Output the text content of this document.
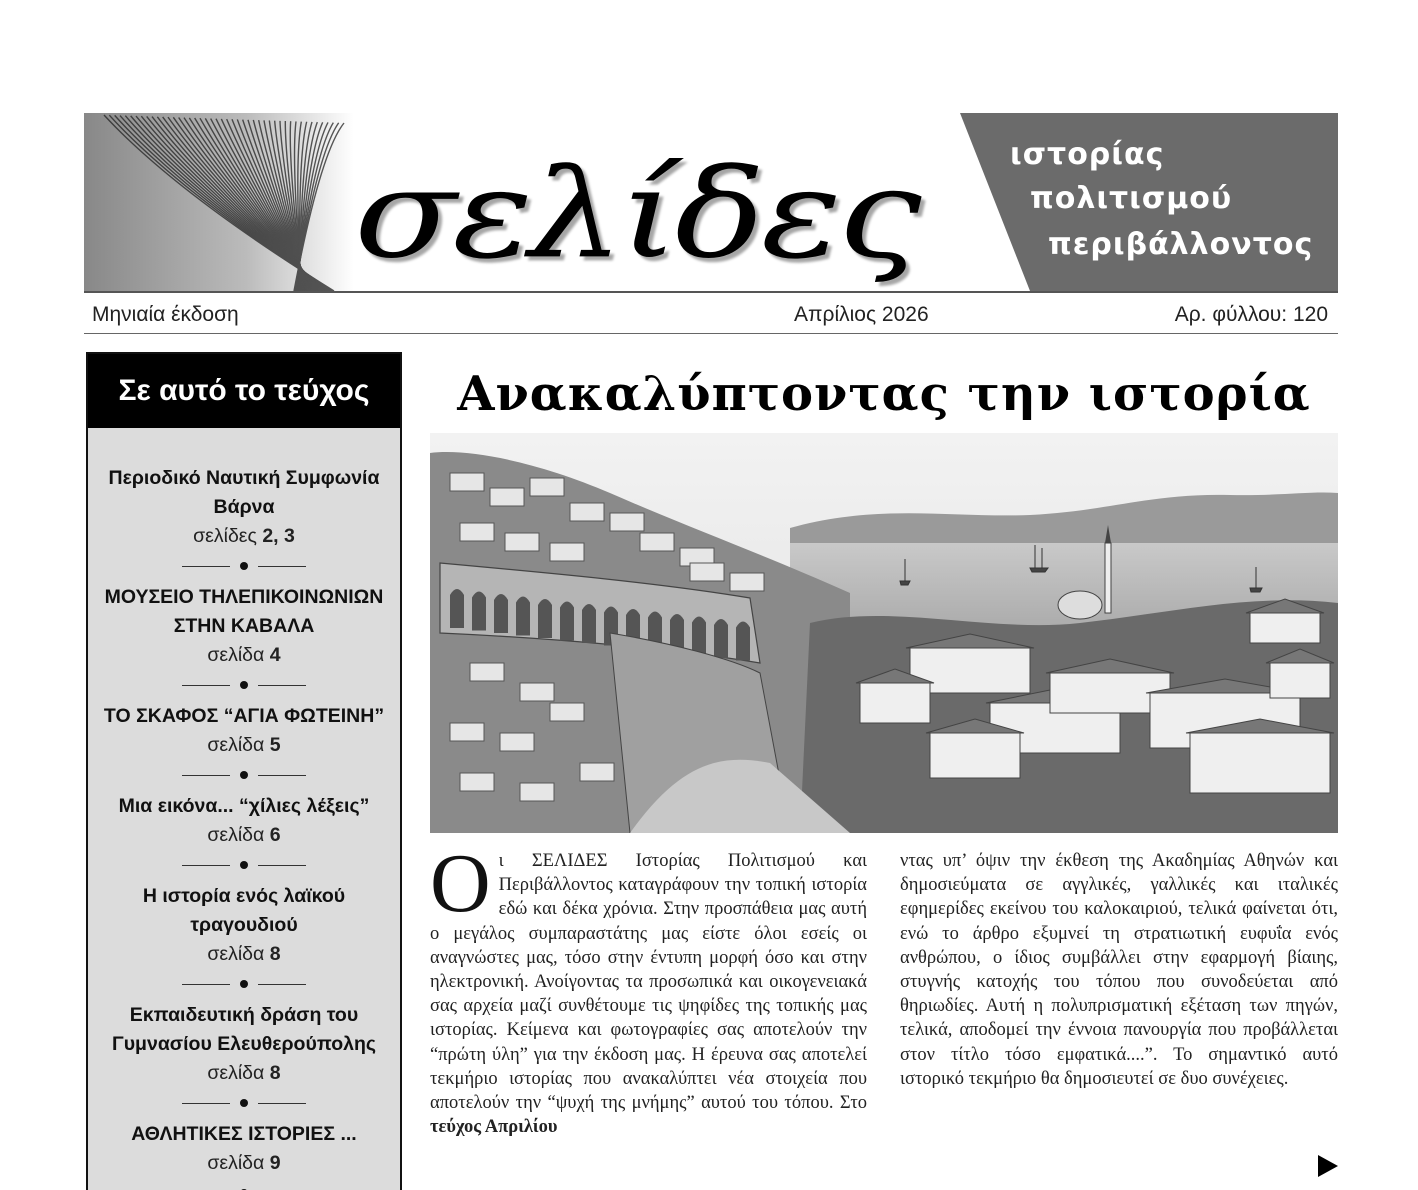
σελίδες	ιστορίας
πολιτισμού
περιβάλλοντος
Μηνιαία έκδοση	Απρίλιος 2026	Αρ. φύλλου: 120
Σε αυτό το τεύχος
Περιοδικό Ναυτική Συμφωνία Βάρνα
σελίδες 2, 3
ΜΟΥΣΕΙΟ ΤΗΛΕΠΙΚΟΙΝΩΝΙΩΝ ΣΤΗΝ ΚΑΒΑΛΑ
σελίδα 4
ΤΟ ΣΚΑΦΟΣ “ΑΓΙΑ ΦΩΤΕΙΝΗ”
σελίδα 5
Μια εικόνα... “χίλιες λέξεις”
σελίδα 6
Η ιστορία ενός λαϊκού τραγουδιού
σελίδα 8
Εκπαιδευτική δράση του Γυμνασίου Ελευθερούπολης
σελίδα 8
ΑΘΛΗΤΙΚΕΣ ΙΣΤΟΡΙΕΣ ...
σελίδα 9
Ανακαλύπτοντας την ιστορία
Οι ΣΕΛΙΔΕΣ Ιστορίας Πολιτισμού και Περιβάλλοντος καταγράφουν την τοπική ιστορία εδώ και δέκα χρόνια. Στην προσπάθεια μας αυτή ο μεγάλος συμπαραστάτης μας είστε όλοι εσείς οι αναγνώστες μας, τόσο στην έντυπη μορφή όσο και στην ηλεκτρονική. Ανοίγοντας τα προσωπικά και οικογενειακά σας αρχεία μαζί συνθέτουμε τις ψηφίδες της τοπικής μας ιστορίας. Κείμενα και φωτογραφίες σας αποτελούν την “πρώτη ύλη” για την έκδοση μας. Η έρευνα σας αποτελεί τεκμήριο ιστορίας που ανακαλύπτει νέα στοιχεία που αποτελούν την “ψυχή της μνήμης” αυτού του τόπου. Στο τεύχος Απριλίου
ντας υπ’ όψιν την έκθεση της Ακαδημίας Αθηνών και δημοσιεύματα σε αγγλικές, γαλλικές και ιταλικές εφημερίδες εκείνου του καλοκαιριού, τελικά φαίνεται ότι, ενώ το άρθρο εξυμνεί τη στρατιωτική ευφυΐα ενός ανθρώπου, ο ίδιος συμβάλλει στην εφαρμογή βίαιης, στυγνής κατοχής του τόπου που συνοδεύεται από θηριωδίες. Αυτή η πολυπρισματική εξέταση των πηγών, τελικά, αποδομεί την έννοια πανουργία που προβάλλεται στον τίτλο τόσο εμφατικά....”. Το σημαντικό αυτό ιστορικό τεκμήριο θα δημοσιευτεί σε δυο συνέχειες.
